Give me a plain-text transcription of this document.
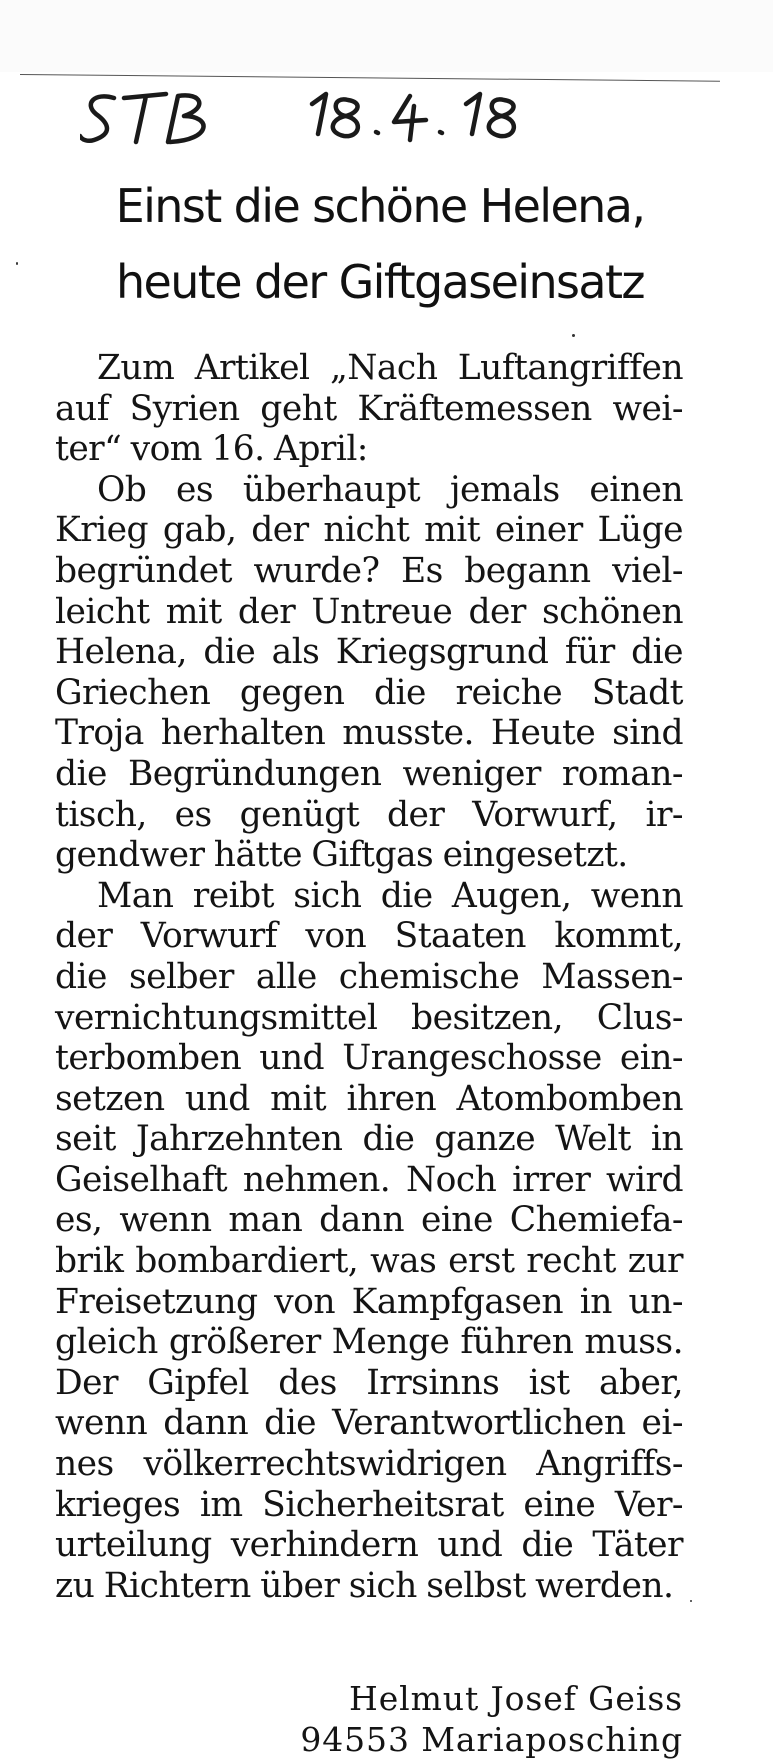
Einst die schöne Helena,
heute der Giftgaseinsatz

Zum Artikel „Nach Luftangriffen
auf Syrien geht Kräftemessen wei-
ter“ vom 16. April:

Ob es überhaupt jemals einen
Krieg gab, der nicht mit einer Lüge
begründet wurde? Es begann viel-
leicht mit der Untreue der schönen
Helena, die als Kriegsgrund für die
Griechen gegen die reiche Stadt
Troja herhalten musste. Heute sind
die Begründungen weniger roman-
tisch, es genügt der Vorwurf, ir-
gendwer hätte Giftgas eingesetzt.

Man reibt sich die Augen, wenn
der Vorwurf von Staaten kommt,
die selber alle chemische Massen-
vernichtungsmittel besitzen, Clus-
terbomben und Urangeschosse ein-
setzen und mit ihren Atombomben
seit Jahrzehnten die ganze Welt in
Geiselhaft nehmen. Noch irrer wird
es, wenn man dann eine Chemiefa-
brik bombardiert, was erst recht zur
Freisetzung von Kampfgasen in un-
gleich größerer Menge führen muss.
Der Gipfel des Irrsinns ist aber,
wenn dann die Verantwortlichen ei-
nes völkerrechtswidrigen Angriffs-
krieges im Sicherheitsrat eine Ver-
urteilung verhindern und die Täter
zu Richtern über sich selbst werden.

Helmut Josef Geiss
94553 Mariaposching
